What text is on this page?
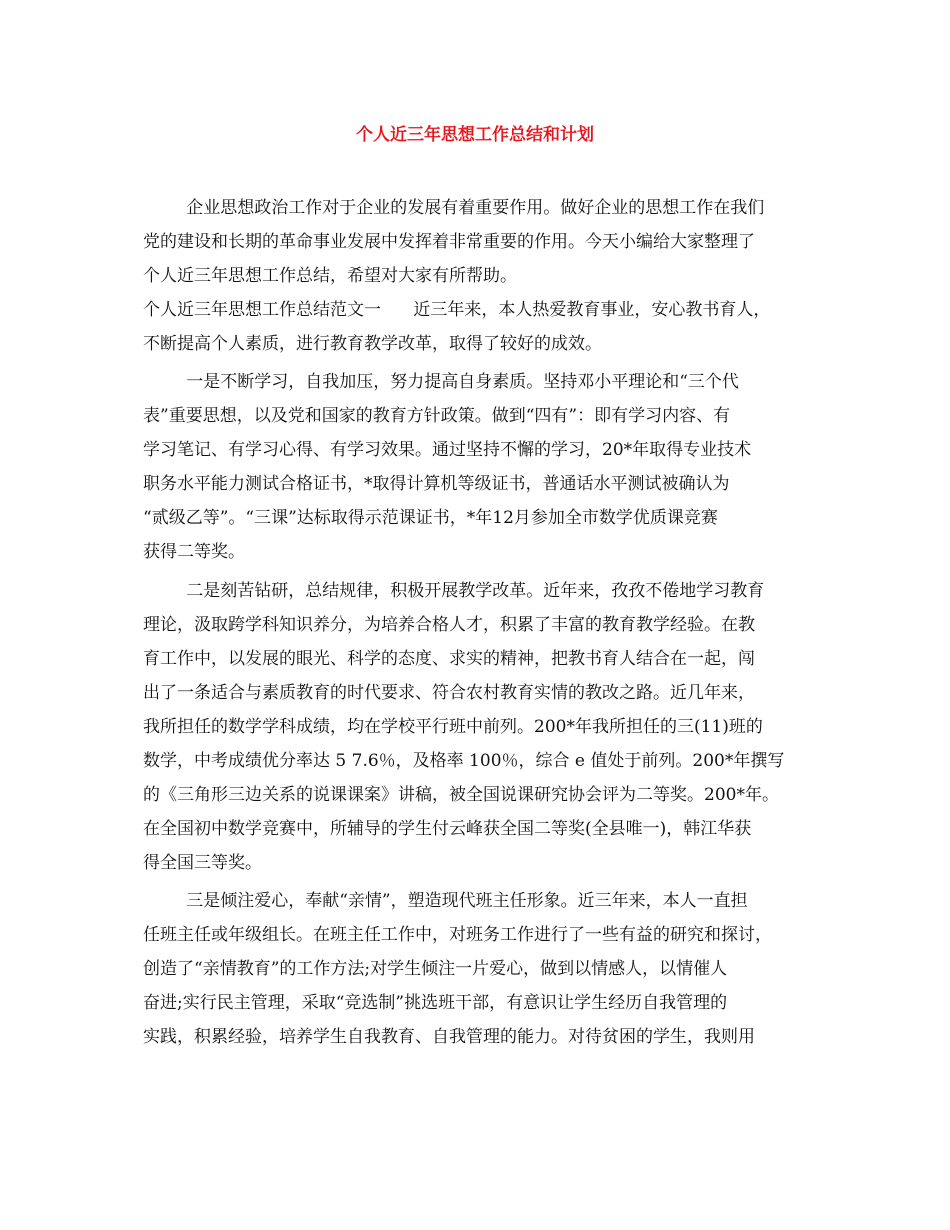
个人近三年思想工作总结和计划

企业思想政治工作对于企业的发展有着重要作用。做好企业的思想工作在我们

党的建设和长期的革命事业发展中发挥着非常重要的作用。今天小编给大家整理了

个人近三年思想工作总结，希望对大家有所帮助。

个人近三年思想工作总结范文一      近三年来，本人热爱教育事业，安心教书育人，

不断提高个人素质，进行教育教学改革，取得了较好的成效。

一是不断学习，自我加压，努力提高自身素质。坚持邓小平理论和“三个代

表”重要思想，以及党和国家的教育方针政策。做到“四有”：即有学习内容、有

学习笔记、有学习心得、有学习效果。通过坚持不懈的学习，20*年取得专业技术

职务水平能力测试合格证书，*取得计算机等级证书，普通话水平测试被确认为

“贰级乙等”。“三课”达标取得示范课证书，*年12月参加全市数学优质课竞赛

获得二等奖。

二是刻苦钻研，总结规律，积极开展教学改革。近年来，孜孜不倦地学习教育

理论，汲取跨学科知识养分，为培养合格人才，积累了丰富的教育教学经验。在教

育工作中，以发展的眼光、科学的态度、求实的精神，把教书育人结合在一起，闯

出了一条适合与素质教育的时代要求、符合农村教育实情的教改之路。近几年来，

我所担任的数学学科成绩，均在学校平行班中前列。200*年我所担任的三(11)班的

数学，中考成绩优分率达 5 7.6％，及格率 100％，综合 e 值处于前列。200*年撰写

的《三角形三边关系的说课课案》讲稿，被全国说课研究协会评为二等奖。200*年。

在全国初中数学竞赛中，所辅导的学生付云峰获全国二等奖(全县唯一)，韩江华获

得全国三等奖。

三是倾注爱心，奉献“亲情”，塑造现代班主任形象。近三年来，本人一直担

任班主任或年级组长。在班主任工作中，对班务工作进行了一些有益的研究和探讨，

创造了“亲情教育”的工作方法;对学生倾注一片爱心，做到以情感人，以情催人

奋进;实行民主管理，采取“竞选制”挑选班干部，有意识让学生经历自我管理的

实践，积累经验，培养学生自我教育、自我管理的能力。对待贫困的学生，我则用
